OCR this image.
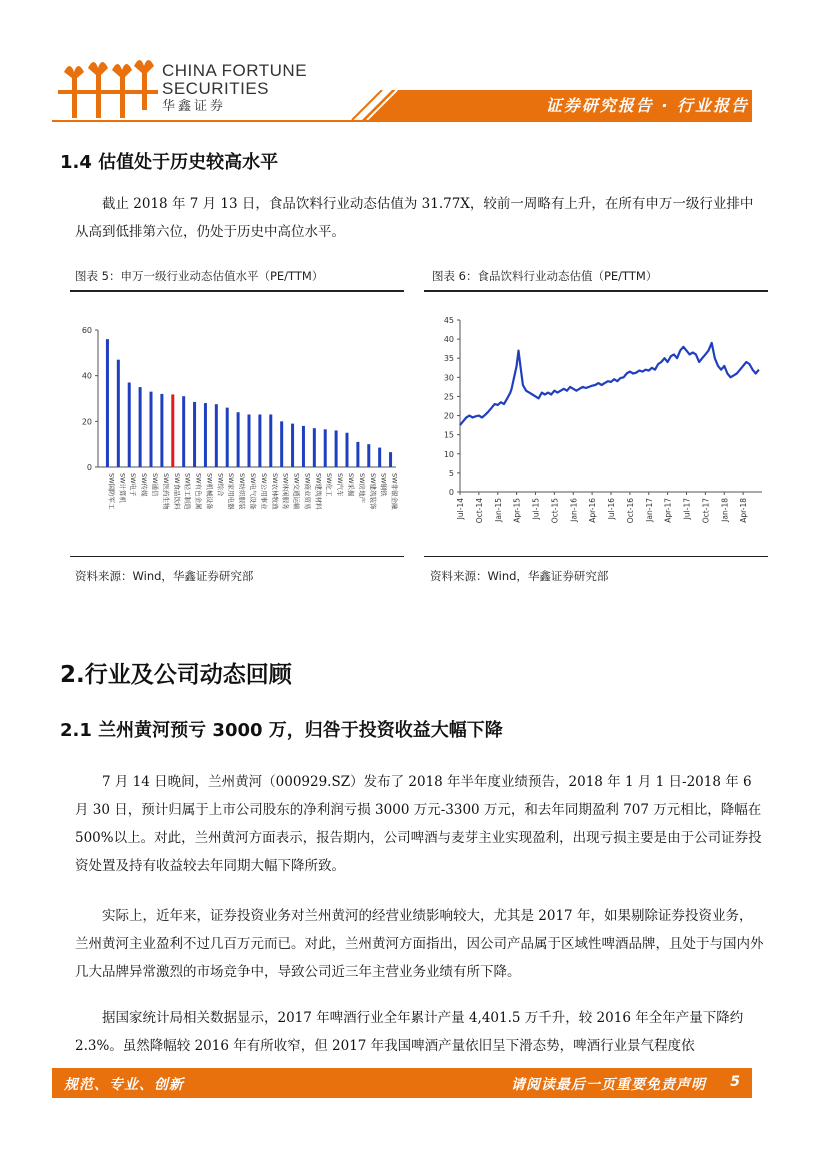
CHINA FORTUNE
SECURITIES
华鑫证券	证券研究报告 · 行业报告
1.4 估值处于历史较高水平

截止 2018 年 7 月 13 日，食品饮料行业动态估值为 31.77X，较前一周略有上升，在所有申万一级行业排中从高到低排第六位，仍处于历史中高位水平。

图表 5：申万一级行业动态估值水平（PE/TTM）
0
20
40
60
SW国防军工 SW计算机 SW电子 SW传媒 SW通信 SW医药生物 SW食品饮料 SW轻工制造 SW有色金属 SW机械设备 SW综合 SW家用电器 SW纺织服装 SW电气设备 SW公用事业 SW农林牧渔 SW休闲服务 SW交通运输 SW商业贸易 SW建筑材料 SW化工 SW汽车 SW采掘 SW房地产 SW建筑装饰 SW钢铁 SW非银金融
资料来源：Wind，华鑫证券研究部
图表 6：食品饮料行业动态估值（PE/TTM）
0
5
10
15
20
25
30
35
40
45
Jul-14 Oct-14 Jan-15 Apr-15 Jul-15 Oct-15 Jan-16 Apr-16 Jul-16 Oct-16 Jan-17 Apr-17 Jul-17 Oct-17 Jan-18 Apr-18
资料来源：Wind，华鑫证券研究部
2.行业及公司动态回顾
2.1 兰州黄河预亏 3000 万，归咎于投资收益大幅下降

7 月 14 日晚间，兰州黄河（000929.SZ）发布了 2018 年半年度业绩预告，2018 年 1 月 1 日-2018 年 6 月 30 日，预计归属于上市公司股东的净利润亏损 3000 万元-3300 万元，和去年同期盈利 707 万元相比，降幅在 500%以上。对此，兰州黄河方面表示，报告期内，公司啤酒与麦芽主业实现盈利，出现亏损主要是由于公司证券投资处置及持有收益较去年同期大幅下降所致。

实际上，近年来，证券投资业务对兰州黄河的经营业绩影响较大，尤其是 2017 年，如果剔除证券投资业务，兰州黄河主业盈利不过几百万元而已。对此，兰州黄河方面指出，因公司产品属于区域性啤酒品牌，且处于与国内外几大品牌异常激烈的市场竞争中，导致公司近三年主营业务业绩有所下降。

据国家统计局相关数据显示，2017 年啤酒行业全年累计产量 4,401.5 万千升，较 2016 年全年产量下降约 2.3%。虽然降幅较 2016 年有所收窄，但 2017 年我国啤酒产量依旧呈下滑态势，啤酒行业景气程度依

规范、专业、创新	请阅读最后一页重要免责声明 5
